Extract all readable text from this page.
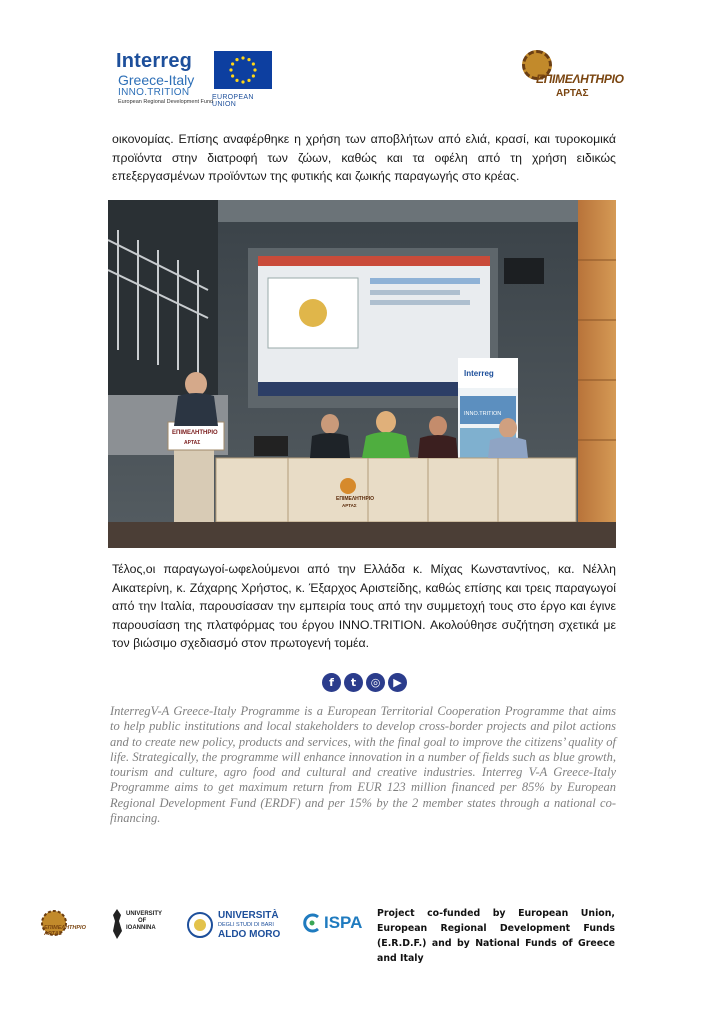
Interreg
Greece-Italy
INNO.TRITION
European Regional Development Fund
EUROPEAN UNION
ΕΠΙΜΕΛΗΤΗΡΙΟ
ΑΡΤΑΣ
οικονομίας. Επίσης αναφέρθηκε η χρήση των αποβλήτων από ελιά, κρασί, και τυροκομικά προϊόντα στην διατροφή των ζώων, καθώς και τα οφέλη από τη χρήση ειδικώς επεξεργασμένων προϊόντων της φυτικής και ζωικής παραγωγής στο κρέας.
Interreg
INNO.TRITION
ΕΠΙΜΕΛΗΤΗΡΙΟ
ΑΡΤΑΣ
ΕΠΙΜΕΛΗΤΗΡΙΟ
ΑΡΤΑΣ
Τέλος,οι παραγωγοί-ωφελούμενοι από την Ελλάδα κ. Μίχας Κωνσταντίνος, κα. Νέλλη Αικατερίνη, κ. Ζάχαρης Χρήστος, κ. Έξαρχος Αριστείδης, καθώς επίσης και τρεις παραγωγοί από την Ιταλία, παρουσίασαν την εμπειρία τους από την συμμετοχή τους στο έργο και έγινε παρουσίαση της πλατφόρμας του έργου INNO.TRITION. Ακολούθησε συζήτηση σχετικά με τον βιώσιμο σχεδιασμό στον πρωτογενή τομέα.
f	t	◎	▶
InterregV-A Greece-Italy Programme is a European Territorial Cooperation Programme that aims to help public institutions and local stakeholders to develop cross-border projects and pilot actions and to create new policy, products and services, with the final goal to improve the citizens’ quality of life. Strategically, the programme will enhance innovation in a number of fields such as blue growth, tourism and culture, agro food and cultural and creative industries. Interreg V-A Greece-Italy Programme aims to get maximum return from EUR 123 million financed per 85% by European Regional Development Fund (ERDF) and per 15% by the 2 member states through a national co-financing.
ΕΠΙΜΕΛΗΤΗΡΙΟ ΑΡΤΑΣ
UNIVERSITY
OF
IOANNINA
UNIVERSITÀ
DEGLI STUDI DI BARI
ALDO MORO
ISPA Project co-funded by European Union, European Regional Development Funds (E.R.D.F.) and by National Funds of Greece and Italy
